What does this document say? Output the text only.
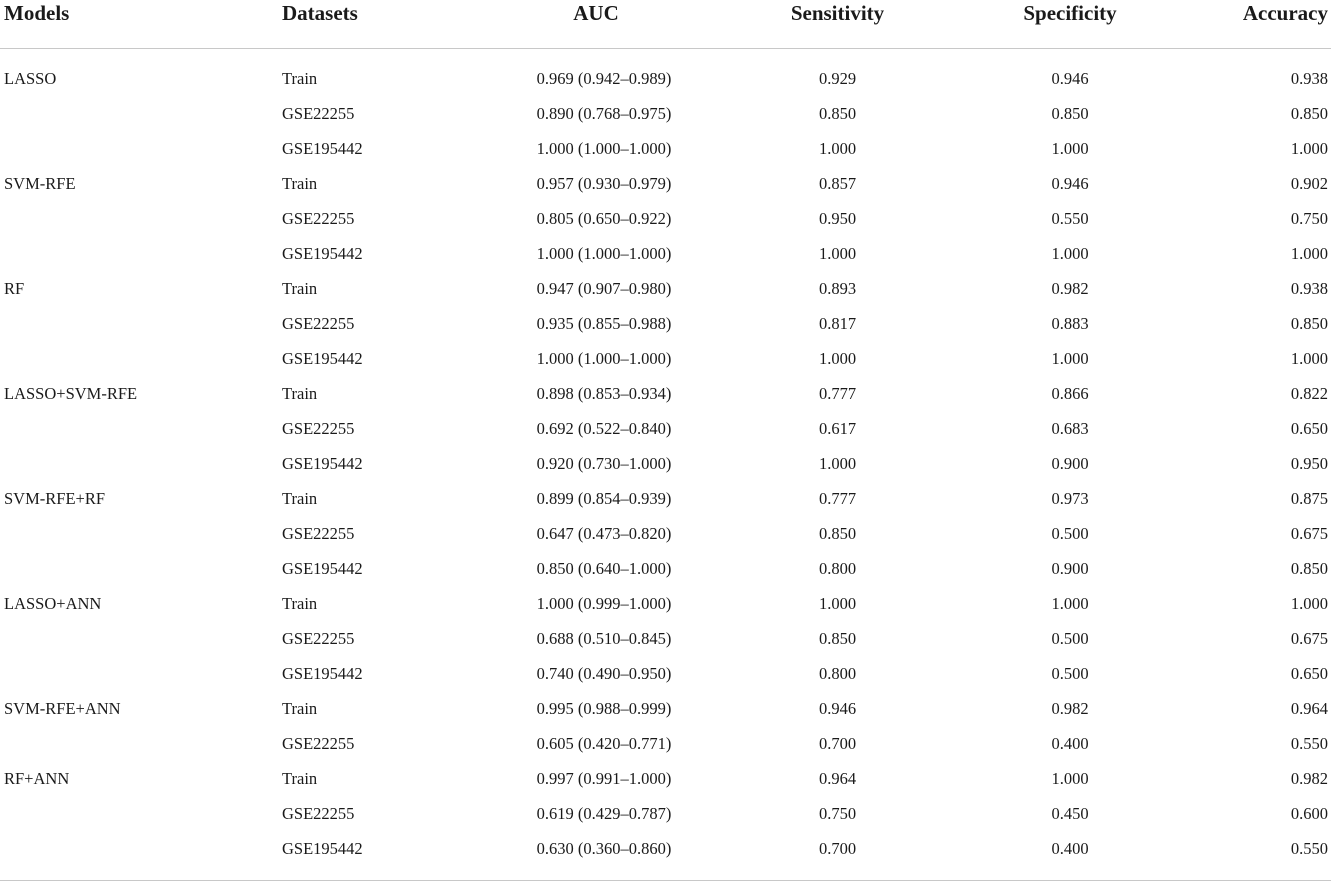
Models	Datasets	AUC	Sensitivity	Specificity	Accuracy
LASSO	Train	0.969 (0.942–0.989)	0.929	0.946	0.938
	GSE22255	0.890 (0.768–0.975)	0.850	0.850	0.850
	GSE195442	1.000 (1.000–1.000)	1.000	1.000	1.000
SVM-RFE	Train	0.957 (0.930–0.979)	0.857	0.946	0.902
	GSE22255	0.805 (0.650–0.922)	0.950	0.550	0.750
	GSE195442	1.000 (1.000–1.000)	1.000	1.000	1.000
RF	Train	0.947 (0.907–0.980)	0.893	0.982	0.938
	GSE22255	0.935 (0.855–0.988)	0.817	0.883	0.850
	GSE195442	1.000 (1.000–1.000)	1.000	1.000	1.000
LASSO+SVM-RFE	Train	0.898 (0.853–0.934)	0.777	0.866	0.822
	GSE22255	0.692 (0.522–0.840)	0.617	0.683	0.650
	GSE195442	0.920 (0.730–1.000)	1.000	0.900	0.950
SVM-RFE+RF	Train	0.899 (0.854–0.939)	0.777	0.973	0.875
	GSE22255	0.647 (0.473–0.820)	0.850	0.500	0.675
	GSE195442	0.850 (0.640–1.000)	0.800	0.900	0.850
LASSO+ANN	Train	1.000 (0.999–1.000)	1.000	1.000	1.000
	GSE22255	0.688 (0.510–0.845)	0.850	0.500	0.675
	GSE195442	0.740 (0.490–0.950)	0.800	0.500	0.650
SVM-RFE+ANN	Train	0.995 (0.988–0.999)	0.946	0.982	0.964
	GSE22255	0.605 (0.420–0.771)	0.700	0.400	0.550
RF+ANN	Train	0.997 (0.991–1.000)	0.964	1.000	0.982
	GSE22255	0.619 (0.429–0.787)	0.750	0.450	0.600
	GSE195442	0.630 (0.360–0.860)	0.700	0.400	0.550
